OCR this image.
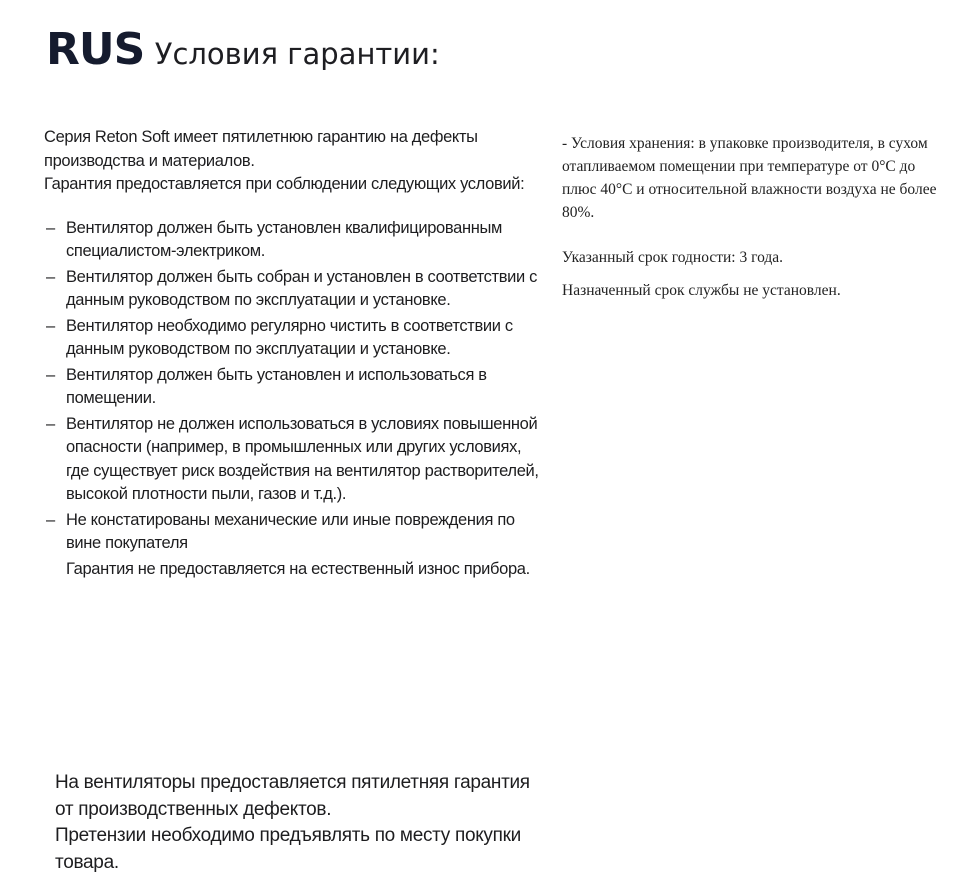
RUS Условия гарантии:

Серия Reton Soft имеет пятилетнюю гарантию на дефекты производства и материалов.

Гарантия предоставляется при соблюдении следующих условий:

– Вентилятор должен быть установлен квалифицированным специалистом-электриком.
– Вентилятор должен быть собран и установлен в соответствии с данным руководством по эксплуатации и установке.
– Вентилятор необходимо регулярно чистить в соответствии с данным руководством по эксплуатации и установке.
– Вентилятор должен быть установлен и использоваться в помещении.
– Вентилятор не должен использоваться в условиях повышенной опасности (например, в промышленных или других условиях, где существует риск воздействия на вентилятор растворителей, высокой плотности пыли, газов и т.д.).
– Не констатированы механические или иные повреждения по вине покупателя

Гарантия не предоставляется на естественный износ прибора.

На вентиляторы предоставляется пятилетняя гарантия от производственных дефектов.

Претензии необходимо предъявлять по месту покупки товара.

- Условия хранения: в упаковке производителя, в сухом отапливаемом помещении при температуре от 0°С до плюс 40°С и относительной влажности воздуха не более 80%.

Указанный срок годности: 3 года.

Назначенный срок службы не установлен.
